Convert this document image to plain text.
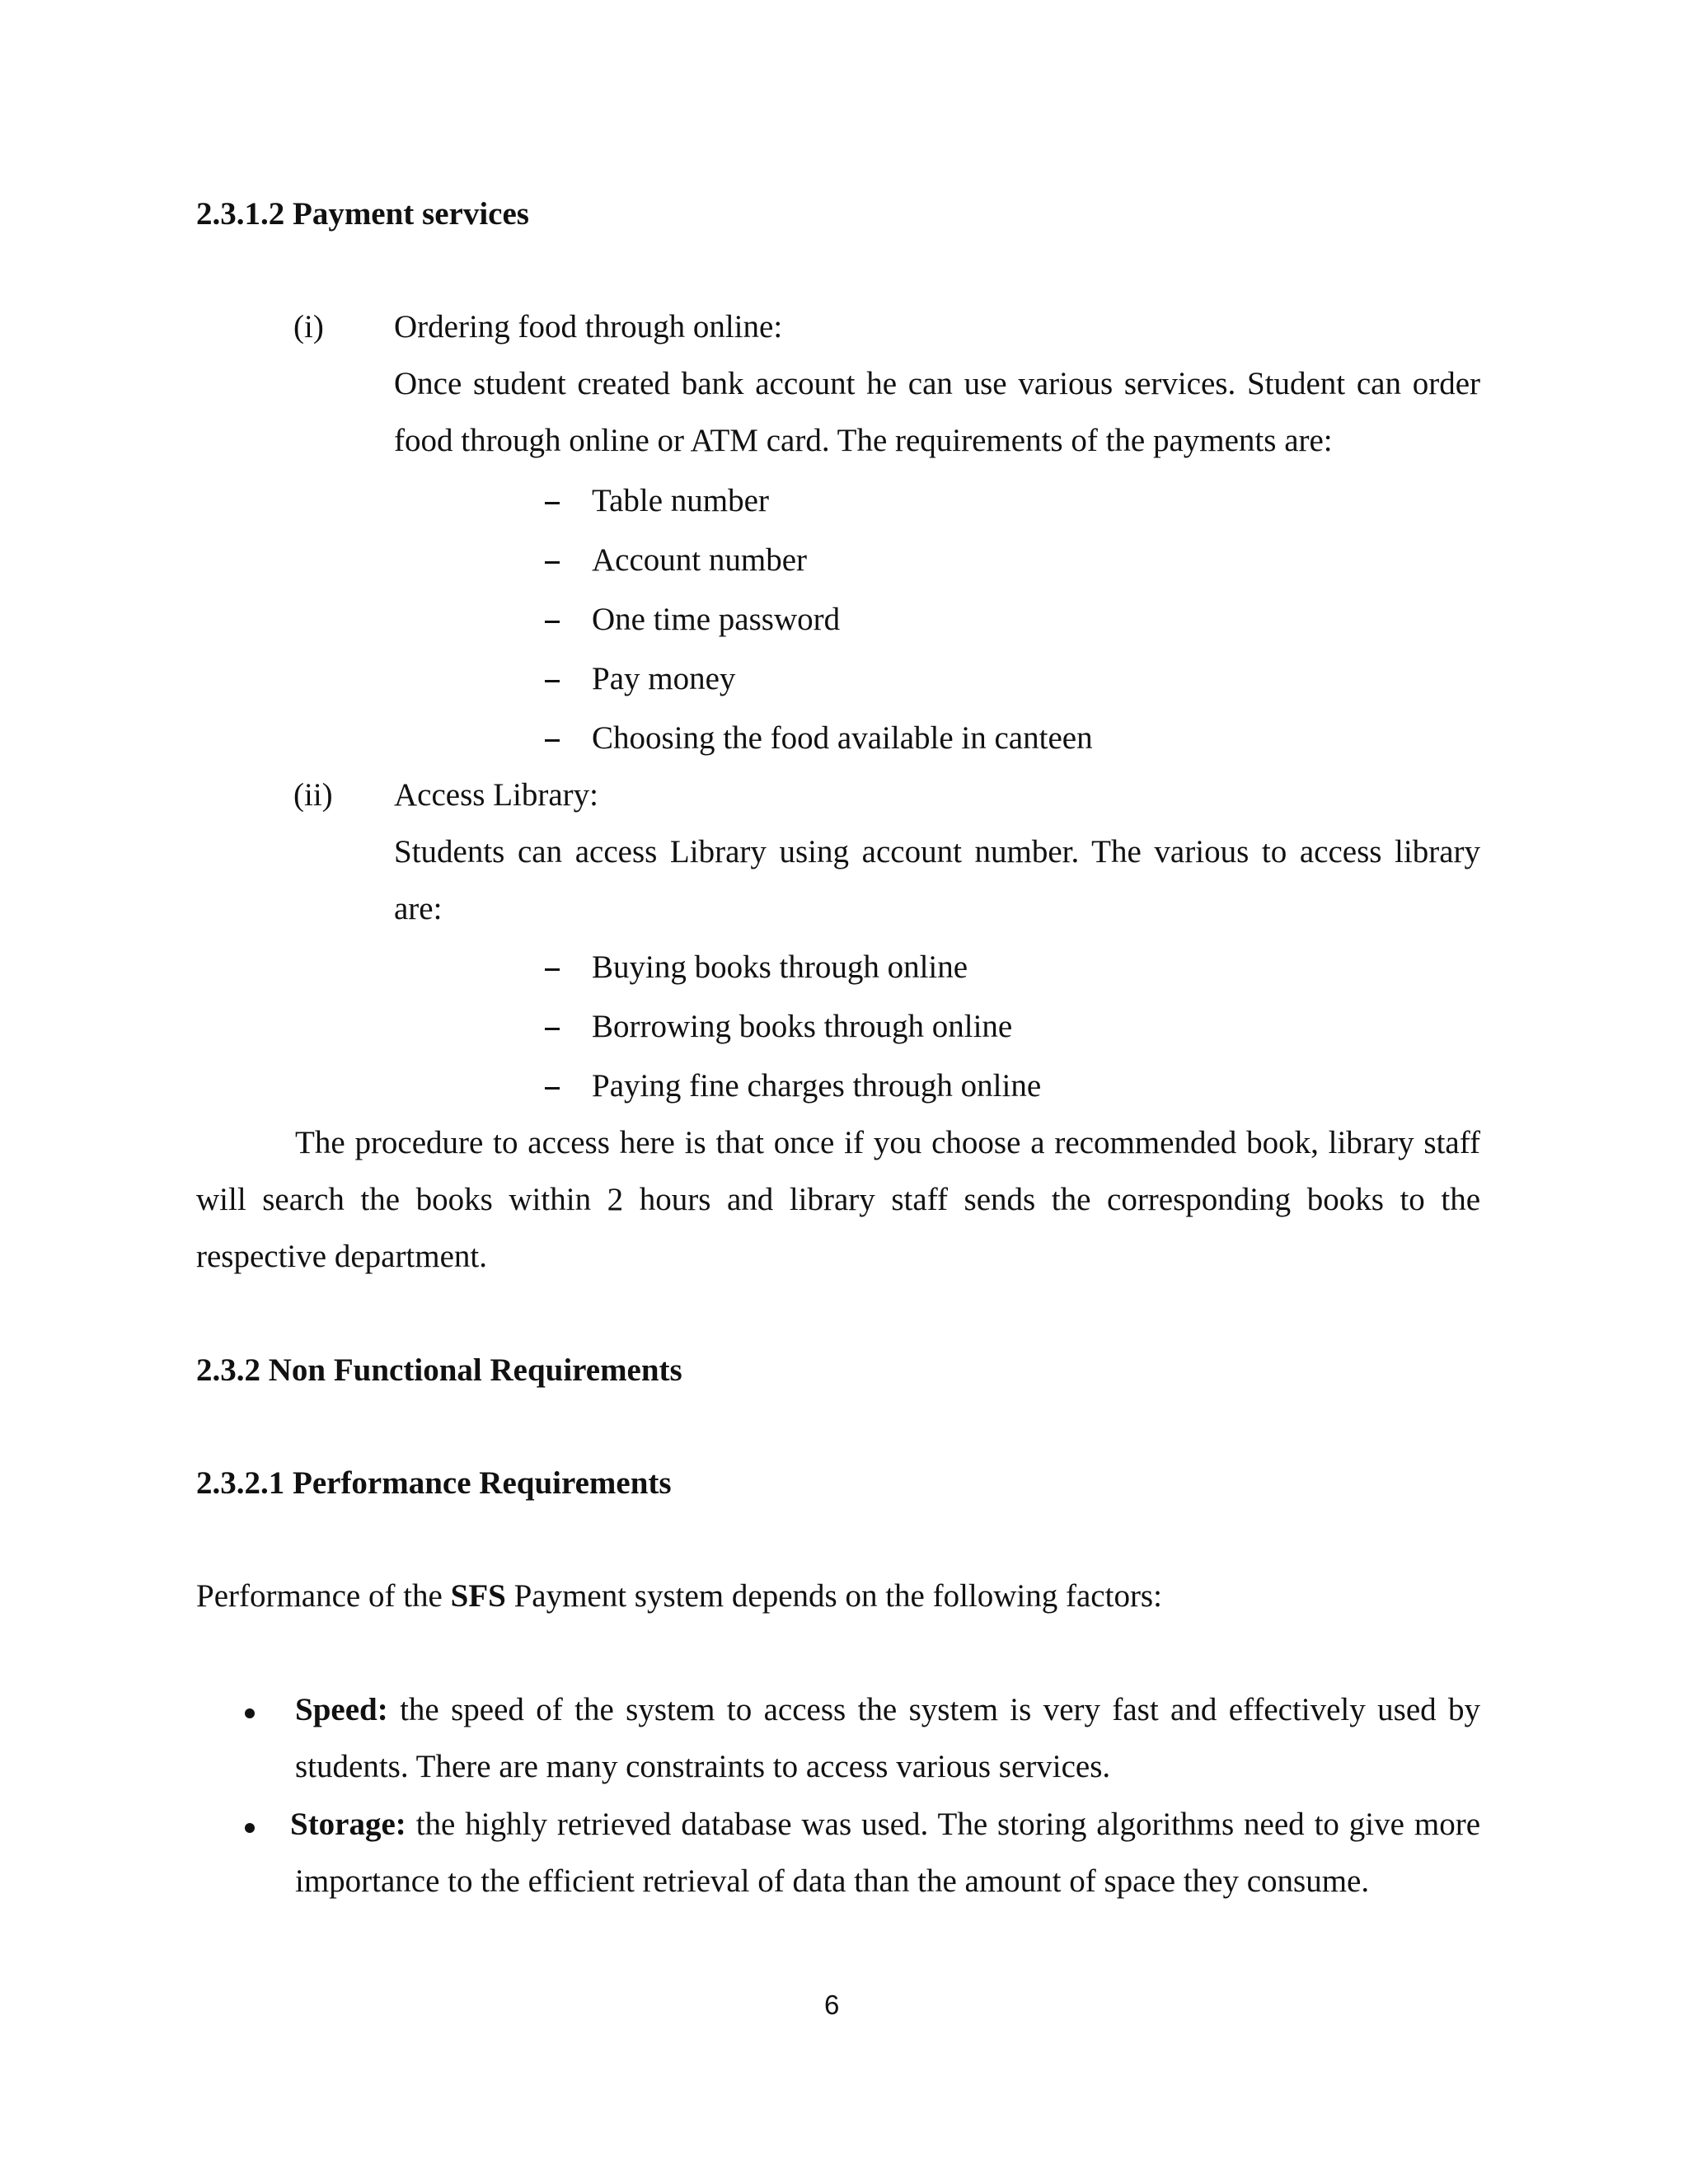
2.3.1.2 Payment services
(i) Ordering food through online:
Once student created bank account he can use various services. Student can order
food through online or ATM card. The requirements of the payments are:
Table number
Account number
One time password
Pay money
Choosing the food available in canteen
(ii) Access Library:
Students can access Library using account number. The various to access library
are:
Buying books through online
Borrowing books through online
Paying fine charges through online
The procedure to access here is that once if you choose a recommended book, library staff
will search the books within 2 hours and library staff sends the corresponding books to the
respective department.
2.3.2 Non Functional Requirements
2.3.2.1 Performance Requirements
Performance of the SFS Payment system depends on the following factors:
Speed: the speed of the system to access the system is very fast and effectively used by
students. There are many constraints to access various services.
Storage: the highly retrieved database was used. The storing algorithms need to give more
importance to the efficient retrieval of data than the amount of space they consume.
6
